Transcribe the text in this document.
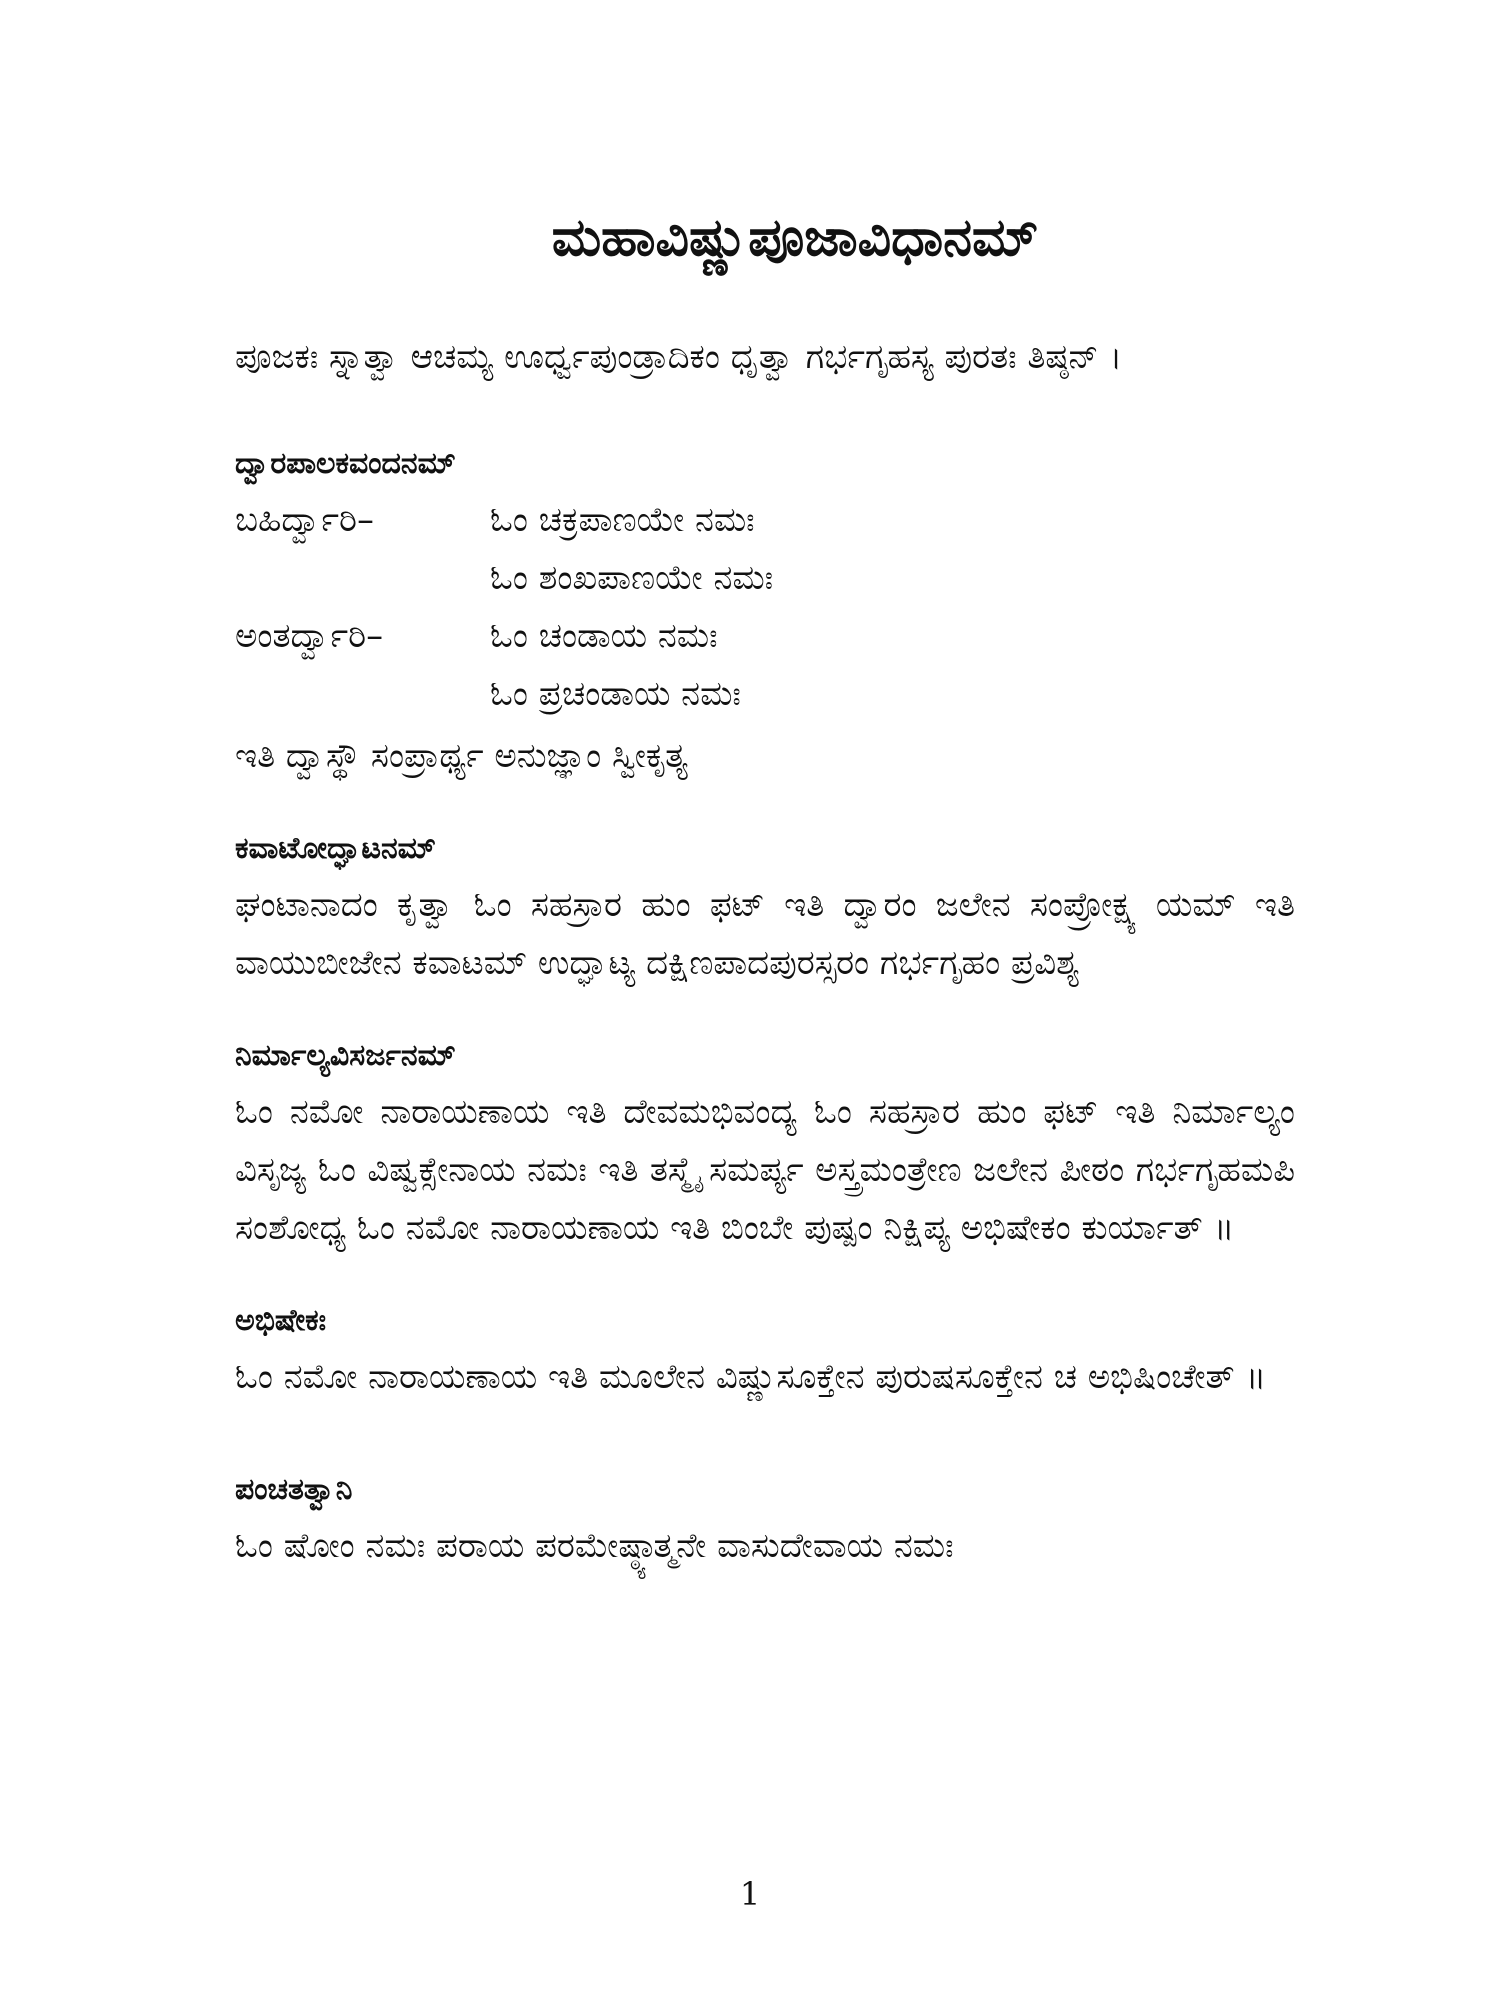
ಮಹಾವಿಷ್ಣುಪೂಜಾವಿಧಾನಮ್

ಪೂಜಕಃ ಸ್ನಾತ್ವಾ ಆಚಮ್ಯ ಊರ್ಧ್ವಪುಂಡ್ರಾದಿಕಂ ಧೃತ್ವಾ ಗರ್ಭಗೃಹಸ್ಯ ಪುರತಃ ತಿಷ್ಠನ್ ।

ದ್ವಾರಪಾಲಕವಂದನಮ್
ಬಹಿರ್ದ್ವಾರಿ–	ಓಂ ಚಕ್ರಪಾಣಯೇ ನಮಃ
ಓಂ ಶಂಖಪಾಣಯೇ ನಮಃ
ಅಂತರ್ದ್ವಾರಿ–	ಓಂ ಚಂಡಾಯ ನಮಃ
ಓಂ ಪ್ರಚಂಡಾಯ ನಮಃ

ಇತಿ ದ್ವಾಸ್ಥೌ ಸಂಪ್ರಾರ್ಥ್ಯ ಅನುಜ್ಞಾಂ ಸ್ವೀಕೃತ್ಯ

ಕವಾಟೋದ್ಘಾಟನಮ್

ಘಂಟಾನಾದಂ ಕೃತ್ವಾ ಓಂ ಸಹಸ್ರಾರ ಹುಂ ಫಟ್ ಇತಿ ದ್ವಾರಂ ಜಲೇನ ಸಂಪ್ರೋಕ್ಷ್ಯ ಯಮ್ ಇತಿ ವಾಯುಬೀಜೇನ ಕವಾಟಮ್ ಉದ್ಘಾಟ್ಯ ದಕ್ಷಿಣಪಾದಪುರಸ್ಸರಂ ಗರ್ಭಗೃಹಂ ಪ್ರವಿಶ್ಯ

ನಿರ್ಮಾಲ್ಯವಿಸರ್ಜನಮ್

ಓಂ ನಮೋ ನಾರಾಯಣಾಯ ಇತಿ ದೇವಮಭಿವಂದ್ಯ ಓಂ ಸಹಸ್ರಾರ ಹುಂ ಫಟ್ ಇತಿ ನಿರ್ಮಾಲ್ಯಂ ವಿಸೃಜ್ಯ ಓಂ ವಿಷ್ವಕ್ಸೇನಾಯ ನಮಃ ಇತಿ ತಸ್ಮೈ ಸಮರ್ಪ್ಯ ಅಸ್ತ್ರಮಂತ್ರೇಣ ಜಲೇನ ಪೀಠಂ ಗರ್ಭಗೃಹಮಪಿ ಸಂಶೋಧ್ಯ ಓಂ ನಮೋ ನಾರಾಯಣಾಯ ಇತಿ ಬಿಂಬೇ ಪುಷ್ಪಂ ನಿಕ್ಷಿಪ್ಯ ಅಭಿಷೇಕಂ ಕುರ್ಯಾತ್ ॥

ಅಭಿಷೇಕಃ

ಓಂ ನಮೋ ನಾರಾಯಣಾಯ ಇತಿ ಮೂಲೇನ ವಿಷ್ಣುಸೂಕ್ತೇನ ಪುರುಷಸೂಕ್ತೇನ ಚ ಅಭಿಷಿಂಚೇತ್ ॥

ಪಂಚತತ್ವಾನಿ

ಓಂ ಷೋಂ ನಮಃ ಪರಾಯ ಪರಮೇಷ್ಠ್ಯಾತ್ಮನೇ ವಾಸುದೇವಾಯ ನಮಃ

1
